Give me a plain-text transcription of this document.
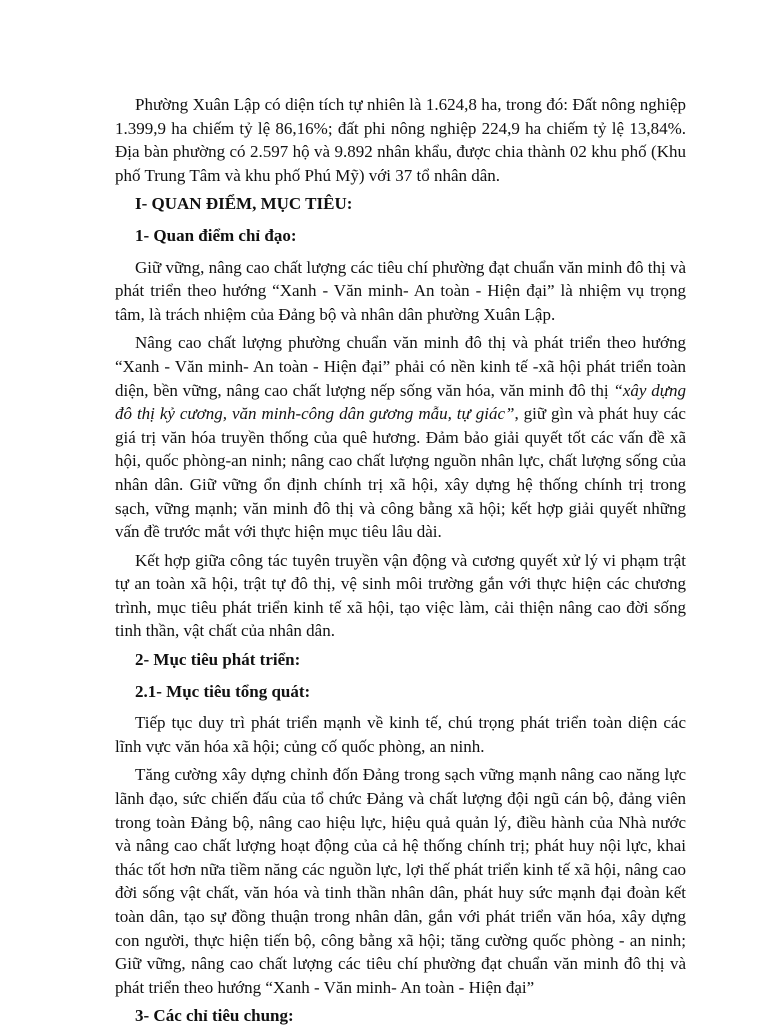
Phường Xuân Lập có diện tích tự nhiên là 1.624,8 ha, trong đó: Đất nông nghiệp 1.399,9 ha chiếm tỷ lệ 86,16%; đất phi nông nghiệp 224,9 ha chiếm tỷ lệ 13,84%. Địa bàn phường có 2.597 hộ và 9.892 nhân khẩu, được chia thành 02 khu phố (Khu phố Trung Tâm và khu phố Phú Mỹ) với 37 tổ nhân dân.

I- QUAN ĐIỂM, MỤC TIÊU:

1- Quan điểm chỉ đạo:

Giữ vững, nâng cao chất lượng các tiêu chí phường đạt chuẩn văn minh đô thị và phát triển theo hướng “Xanh - Văn minh- An toàn - Hiện đại” là nhiệm vụ trọng tâm, là trách nhiệm của Đảng bộ và nhân dân phường Xuân Lập.

Nâng cao chất lượng phường chuẩn văn minh đô thị và phát triển theo hướng “Xanh - Văn minh- An toàn - Hiện đại” phải có nền kinh tế -xã hội phát triển toàn diện, bền vững, nâng cao chất lượng nếp sống văn hóa, văn minh đô thị “xây dựng đô thị kỷ cương, văn minh-công dân gương mẫu, tự giác”, giữ gìn và phát huy các giá trị văn hóa truyền thống của quê hương. Đảm bảo giải quyết tốt các vấn đề xã hội, quốc phòng-an ninh; nâng cao chất lượng nguồn nhân lực, chất lượng sống của nhân dân. Giữ vững ổn định chính trị xã hội, xây dựng hệ thống chính trị trong sạch, vững mạnh; văn minh đô thị và công bằng xã hội; kết hợp giải quyết những vấn đề trước mắt với thực hiện mục tiêu lâu dài.

Kết hợp giữa công tác tuyên truyền vận động và cương quyết xử lý vi phạm trật tự an toàn xã hội, trật tự đô thị, vệ sinh môi trường gắn với thực hiện các chương trình, mục tiêu phát triển kinh tế xã hội, tạo việc làm, cải thiện nâng cao đời sống tinh thần, vật chất của nhân dân.

2- Mục tiêu phát triển:

2.1- Mục tiêu tổng quát:

Tiếp tục duy trì phát triển mạnh về kinh tế, chú trọng phát triển toàn diện các lĩnh vực văn hóa xã hội; củng cố quốc phòng, an ninh.

Tăng cường xây dựng chỉnh đốn Đảng trong sạch vững mạnh nâng cao năng lực lãnh đạo, sức chiến đấu của tổ chức Đảng và chất lượng đội ngũ cán bộ, đảng viên trong toàn Đảng bộ, nâng cao hiệu lực, hiệu quả quản lý, điều hành của Nhà nước và nâng cao chất lượng hoạt động của cả hệ thống chính trị; phát huy nội lực, khai thác tốt hơn nữa tiềm năng các nguồn lực, lợi thế phát triển kinh tế xã hội, nâng cao đời sống vật chất, văn hóa và tinh thần nhân dân, phát huy sức mạnh đại đoàn kết toàn dân, tạo sự đồng thuận trong nhân dân, gắn với phát triển văn hóa, xây dựng con người, thực hiện tiến bộ, công bằng xã hội; tăng cường quốc phòng - an ninh; Giữ vững, nâng cao chất lượng các tiêu chí phường đạt chuẩn văn minh đô thị và phát triển theo hướng “Xanh - Văn minh- An toàn - Hiện đại”

3- Các chỉ tiêu chung:
